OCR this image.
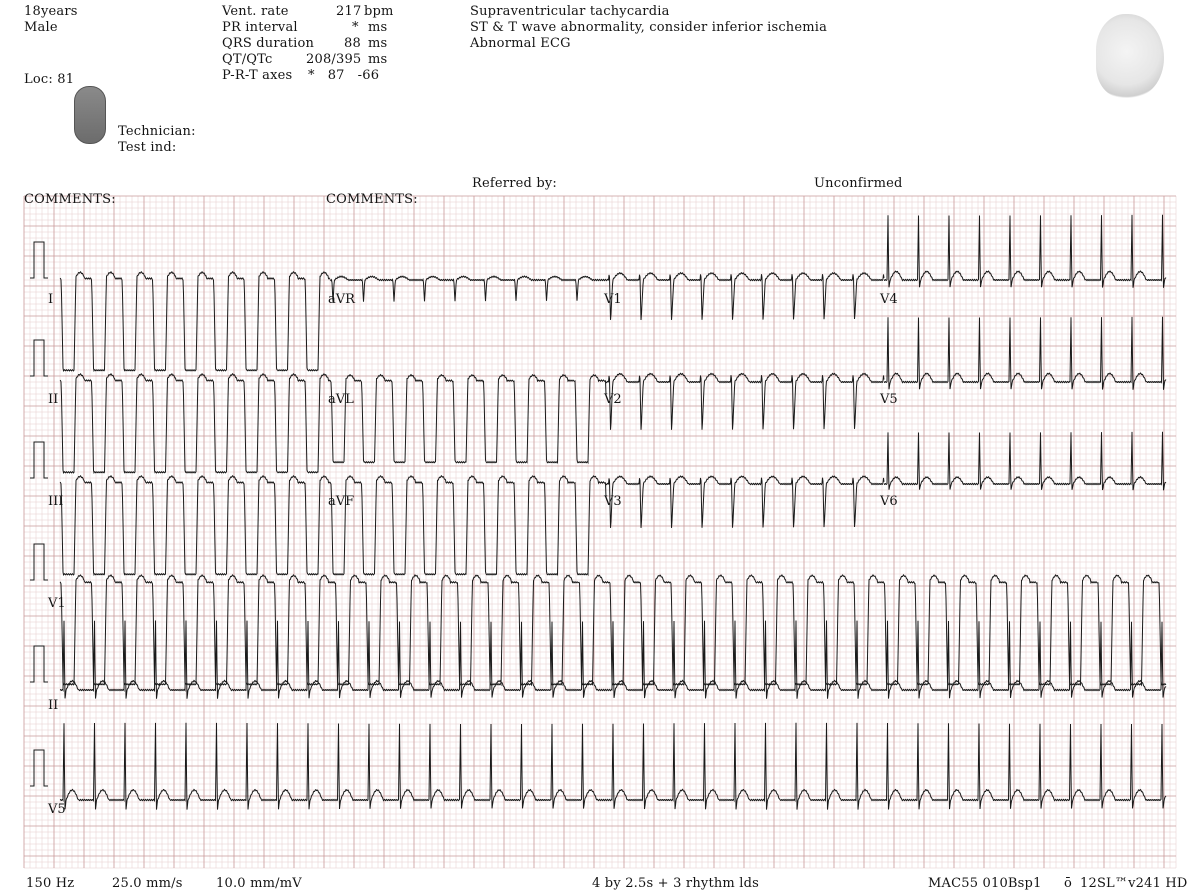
18years
Male
Loc: 81
Technician:
Test ind:
Vent. rate	217 bpm
PR interval	* ms
QRS duration 88 ms
QT/QTc	208/395 ms
P-R-T axes *   87   -66
Supraventricular tachycardia
ST & T wave abnormality, consider inferior ischemia
Abnormal ECG
Referred by:	Unconfirmed
COMMENTS:	COMMENTS:
I	aVR	V1	V4
II	aVL	V2	V5
III	aVF	V3	V6
V1
II
V5
150 Hz	25.0 mm/s	10.0 mm/mV	4 by 2.5s + 3 rhythm lds	MAC55 010Bsp1 ō 12SL™v241 HD
